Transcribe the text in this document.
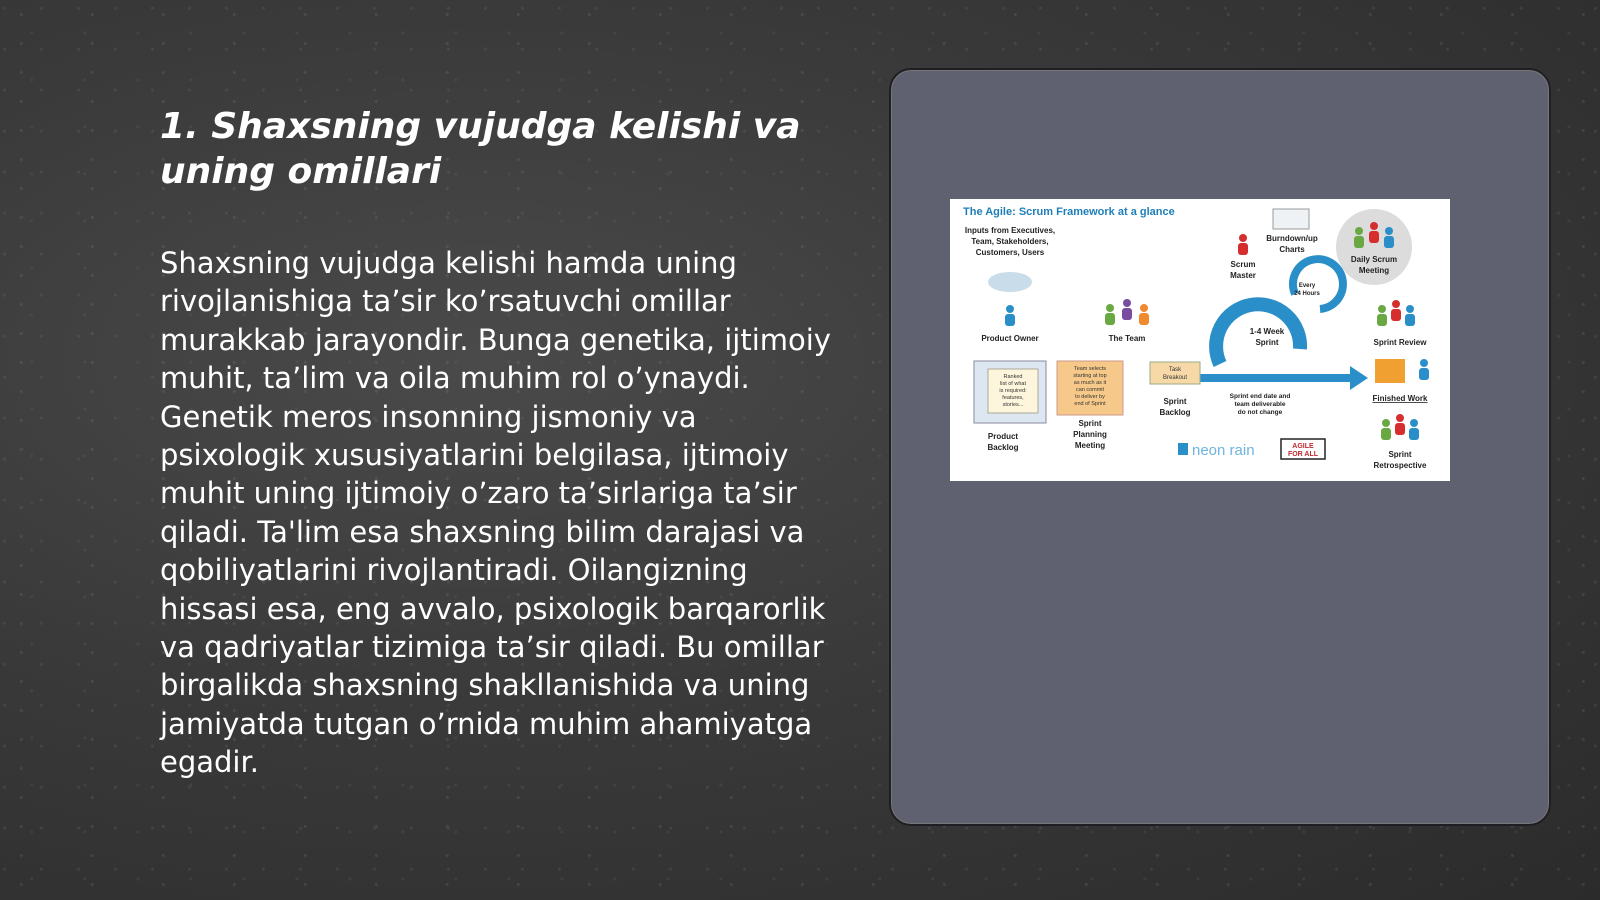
1. Shaxsning vujudga kelishi va uning omillari

Shaxsning vujudga kelishi hamda uning rivojlanishiga ta’sir ko’rsatuvchi omillar murakkab jarayondir. Bunga genetika, ijtimoiy muhit, ta’lim va oila muhim rol o’ynaydi. Genetik meros insonning jismoniy va psixologik xususiyatlarini belgilasa, ijtimoiy muhit uning ijtimoiy o’zaro ta’sirlariga ta’sir qiladi. Ta'lim esa shaxsning bilim darajasi va qobiliyatlarini rivojlantiradi. Oilangizning hissasi esa, eng avvalo, psixologik barqarorlik va qadriyatlar tizimiga ta’sir qiladi. Bu omillar birgalikda shaxsning shakllanishida va uning jamiyatda tutgan o’rnida muhim ahamiyatga egadir.

The Agile: Scrum Framework at a glance
Inputs from Executives,
Team, Stakeholders,
Customers, Users
Product Owner	The Team
Scrum
Master
Burndown/up
Charts
Daily Scrum
Meeting
Every
24 Hours
1-4 Week
Sprint	Sprint Review
Finished Work
Sprint
Retrospective
Ranked
list of what
is required:
features,
stories...
Product
Backlog
Team selects
starting at top
as much as it
can commit
to deliver by
end of Sprint
Sprint
Planning
Meeting
Task
Breakout
Sprint
Backlog
Sprint end date and
team deliverable
do not change
neon rain	AGILE
FOR ALL
